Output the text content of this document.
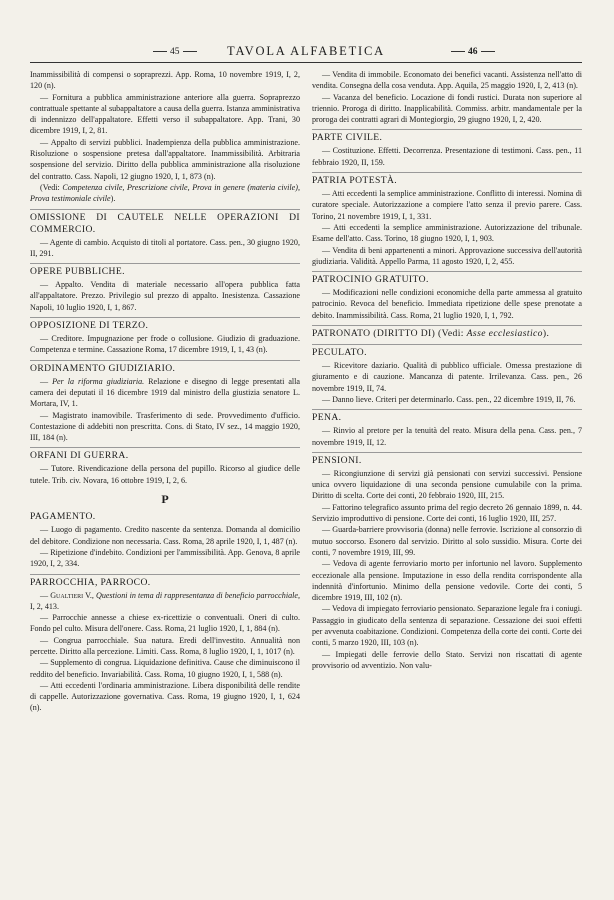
45	TAVOLA ALFABETICA	46

Inammissibilità di compensi o sopraprezzi. App. Roma, 10 novembre 1919, I, 2, 120 (n).

— Fornitura a pubblica amministrazione anteriore alla guerra. Sopraprezzo contrattuale spettante al subappaltatore a causa della guerra. Istanza amministrativa di indennizzo dell'appaltatore. Effetti verso il subappaltatore. App. Trani, 30 dicembre 1919, I, 2, 81.

— Appalto di servizi pubblici. Inadempienza della pubblica amministrazione. Risoluzione o sospensione pretesa dall'appaltatore. Inammissibilità. Arbitraria sospensione del servizio. Diritto della pubblica amministrazione alla risoluzione del contratto. Cass. Napoli, 12 giugno 1920, I, 1, 873 (n).

(Vedi: Competenza civile, Prescrizione civile, Prova in genere (materia civile), Prova testimoniale civile).

OMISSIONE DI CAUTELE NELLE OPERAZIONI DI COMMERCIO.

— Agente di cambio. Acquisto di titoli al portatore. Cass. pen., 30 giugno 1920, II, 291.

OPERE PUBBLICHE.

— Appalto. Vendita di materiale necessario all'opera pubblica fatta all'appaltatore. Prezzo. Privilegio sul prezzo di appalto. Inesistenza. Cassazione Napoli, 10 luglio 1920, I, 1, 867.

OPPOSIZIONE DI TERZO.

— Creditore. Impugnazione per frode o collusione. Giudizio di graduazione. Competenza e termine. Cassazione Roma, 17 dicembre 1919, I, 1, 43 (n).

ORDINAMENTO GIUDIZIARIO.

— Per la riforma giudiziaria. Relazione e disegno di legge presentati alla camera dei deputati il 16 dicembre 1919 dal ministro della giustizia senatore L. Mortara, IV, 1.

— Magistrato inamovibile. Trasferimento di sede. Provvedimento d'ufficio. Contestazione di addebiti non prescritta. Cons. di Stato, IV sez., 14 maggio 1920, III, 184 (n).

ORFANI DI GUERRA.

— Tutore. Rivendicazione della persona del pupillo. Ricorso al giudice delle tutele. Trib. civ. Novara, 16 ottobre 1919, I, 2, 6.

P
PAGAMENTO.

— Luogo di pagamento. Credito nascente da sentenza. Domanda al domicilio del debitore. Condizione non necessaria. Cass. Roma, 28 aprile 1920, I, 1, 487 (n).

— Ripetizione d'indebito. Condizioni per l'ammissibilità. App. Genova, 8 aprile 1920, I, 2, 334.

PARROCCHIA, PARROCO.

— Gualtieri V., Questioni in tema di rappresentanza di beneficio parrocchiale, I, 2, 413.

— Parrocchie annesse a chiese ex-ricettizie o conventuali. Oneri di culto. Fondo pel culto. Misura dell'onere. Cass. Roma, 21 luglio 1920, I, 1, 884 (n).

— Congrua parrocchiale. Sua natura. Eredi dell'investito. Annualità non percette. Diritto alla percezione. Limiti. Cass. Roma, 8 luglio 1920, I, 1, 1017 (n).

— Supplemento di congrua. Liquidazione definitiva. Cause che diminuiscono il reddito del beneficio. Invariabilità. Cass. Roma, 10 giugno 1920, I, 1, 588 (n).

— Atti eccedenti l'ordinaria amministrazione. Libera disponibilità delle rendite di cappelle. Autorizzazione governativa. Cass. Roma, 19 giugno 1920, I, 1, 624 (n).

— Vendita di immobile. Economato dei benefici vacanti. Assistenza nell'atto di vendita. Consegna della cosa venduta. App. Aquila, 25 maggio 1920, I, 2, 413 (n).

— Vacanza del beneficio. Locazione di fondi rustici. Durata non superiore al triennio. Proroga di diritto. Inapplicabilità. Commiss. arbitr. mandamentale per la proroga dei contratti agrari di Montegiorgio, 29 giugno 1920, I, 2, 420.

PARTE CIVILE.

— Costituzione. Effetti. Decorrenza. Presentazione di testimoni. Cass. pen., 11 febbraio 1920, II, 159.

PATRIA POTESTÀ.

— Atti eccedenti la semplice amministrazione. Conflitto di interessi. Nomina di curatore speciale. Autorizzazione a compiere l'atto senza il previo parere. Cass. Torino, 21 novembre 1919, I, 1, 331.

— Atti eccedenti la semplice amministrazione. Autorizzazione del tribunale. Esame dell'atto. Cass. Torino, 18 giugno 1920, I, 1, 903.

— Vendita di beni appartenenti a minori. Approvazione successiva dell'autorità giudiziaria. Validità. Appello Parma, 11 agosto 1920, I, 2, 455.

PATROCINIO GRATUITO.

— Modificazioni nelle condizioni economiche della parte ammessa al gratuito patrocinio. Revoca del beneficio. Immediata ripetizione delle spese prenotate a debito. Inammissibilità. Cass. Roma, 21 luglio 1920, I, 1, 792.

PATRONATO (DIRITTO DI) (Vedi: Asse ecclesiastico).
PECULATO.

— Ricevitore daziario. Qualità di pubblico ufficiale. Omessa prestazione di giuramento e di cauzione. Mancanza di patente. Irrilevanza. Cass. pen., 26 novembre 1919, II, 74.

— Danno lieve. Criteri per determinarlo. Cass. pen., 22 dicembre 1919, II, 76.

PENA.

— Rinvio al pretore per la tenuità del reato. Misura della pena. Cass. pen., 7 novembre 1919, II, 12.

PENSIONI.

— Ricongiunzione di servizi già pensionati con servizi successivi. Pensione unica ovvero liquidazione di una seconda pensione cumulabile con la prima. Diritto di scelta. Corte dei conti, 20 febbraio 1920, III, 215.

— Fattorino telegrafico assunto prima del regio decreto 26 gennaio 1899, n. 44. Servizio improduttivo di pensione. Corte dei conti, 16 luglio 1920, III, 257.

— Guarda-barriere provvisoria (donna) nelle ferrovie. Iscrizione al consorzio di mutuo soccorso. Esonero dal servizio. Diritto al solo sussidio. Misura. Corte dei conti, 7 novembre 1919, III, 99.

— Vedova di agente ferroviario morto per infortunio nel lavoro. Supplemento eccezionale alla pensione. Imputazione in esso della rendita corrispondente alla indennità d'infortunio. Minimo della pensione vedovile. Corte dei conti, 5 dicembre 1919, III, 102 (n).

— Vedova di impiegato ferroviario pensionato. Separazione legale fra i coniugi. Passaggio in giudicato della sentenza di separazione. Cessazione dei suoi effetti per avvenuta coabitazione. Condizioni. Competenza della corte dei conti. Corte dei conti, 5 marzo 1920, III, 103 (n).

— Impiegati delle ferrovie dello Stato. Servizi non riscattati di agente provvisorio od avventizio. Non valu-
